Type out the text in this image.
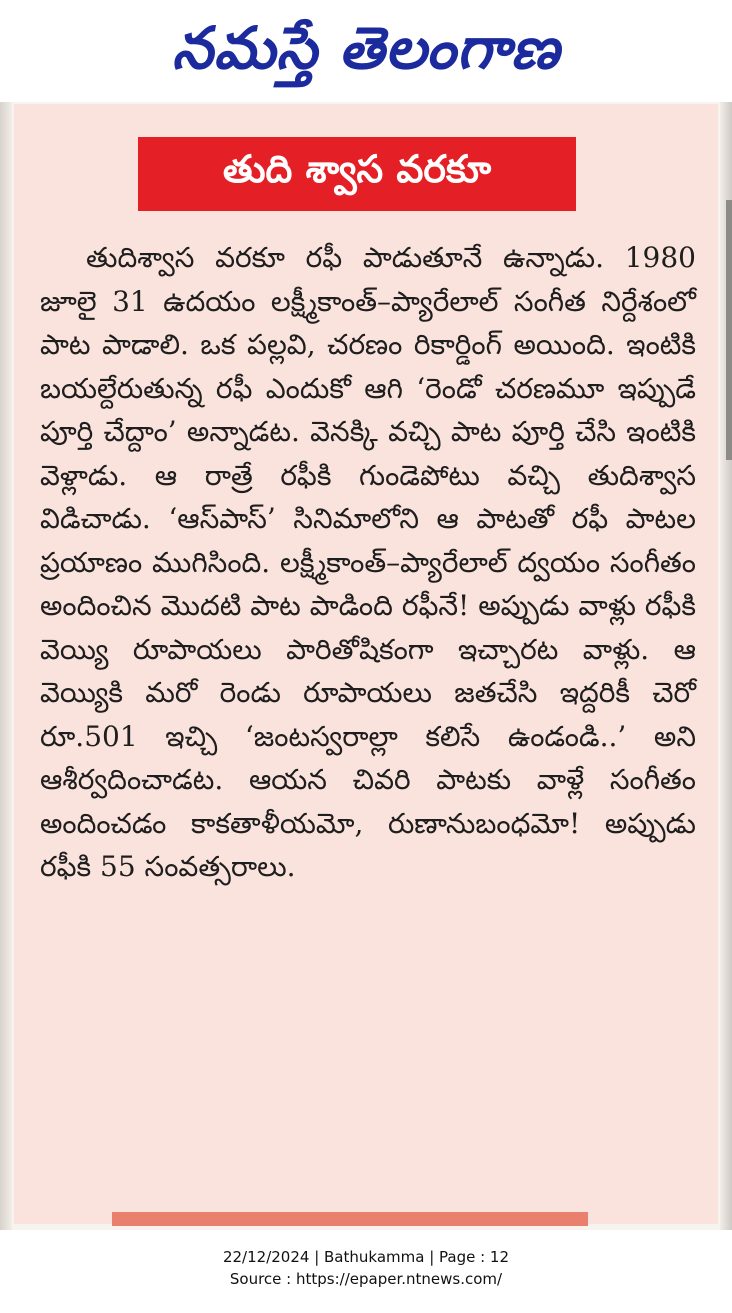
నమస్తే తెలంగాణ
తుది శ్వాస వరకూ

తుదిశ్వాస వరకూ రఫీ పాడుతూనే ఉన్నాడు. 1980 జూలై 31 ఉదయం లక్ష్మీకాంత్–ప్యారేలాల్ సంగీత నిర్దేశంలో పాట పాడాలి. ఒక పల్లవి, చరణం రికార్డింగ్ అయింది. ఇంటికి బయల్దేరుతున్న రఫీ ఎందుకో ఆగి ‘రెండో చరణమూ ఇప్పుడే పూర్తి చేద్దాం’ అన్నాడట. వెనక్కి వచ్చి పాట పూర్తి చేసి ఇంటికి వెళ్లాడు. ఆ రాత్రే రఫీకి గుండెపోటు వచ్చి తుదిశ్వాస విడిచాడు. ‘ఆస్‌పాస్’ సినిమాలోని ఆ పాటతో రఫీ పాటల ప్రయాణం ముగిసింది. లక్ష్మీకాంత్–ప్యారేలాల్ ద్వయం సంగీతం అందించిన మొదటి పాట పాడింది రఫీనే! అప్పుడు వాళ్లు రఫీకి వెయ్యి రూపాయలు పారితోషికంగా ఇచ్చారట వాళ్లు. ఆ వెయ్యికి మరో రెండు రూపాయలు జతచేసి ఇద్దరికీ చెరో రూ.501 ఇచ్చి ‘జంటస్వరాల్లా కలిసే ఉండండి..’ అని ఆశీర్వదించాడట. ఆయన చివరి పాటకు వాళ్లే సంగీతం అందించడం కాకతాళీయమో, రుణానుబంధమో! అప్పుడు రఫీకి 55 సంవత్సరాలు.

22/12/2024 | Bathukamma | Page : 12
Source : https://epaper.ntnews.com/
